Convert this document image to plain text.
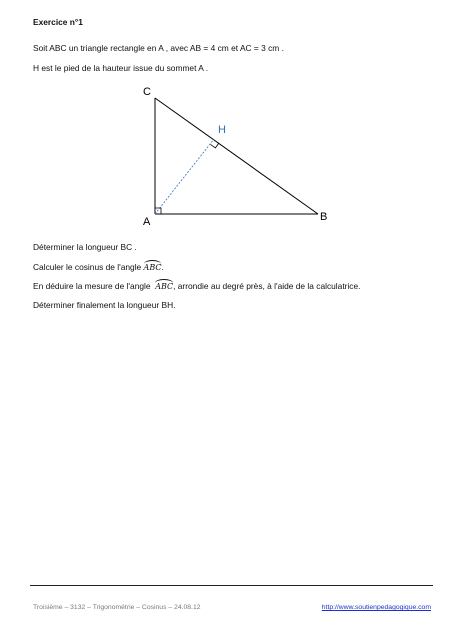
Exercice n°1
Soit ABC un triangle rectangle en A , avec AB = 4 cm et AC = 3 cm .
H est le pied de la hauteur issue du sommet A .
C
H
A	B
Déterminer la longueur BC .
Calculer le cosinus de l'angle ABC.
En déduire la mesure de l'angle  ABC, arrondie au degré près, à l'aide de la calculatrice.
Déterminer finalement la longueur BH.
Troisième – 3132 – Trigonométrie – Cosinus – 24.08.12	http://www.soutienpedagogique.com
